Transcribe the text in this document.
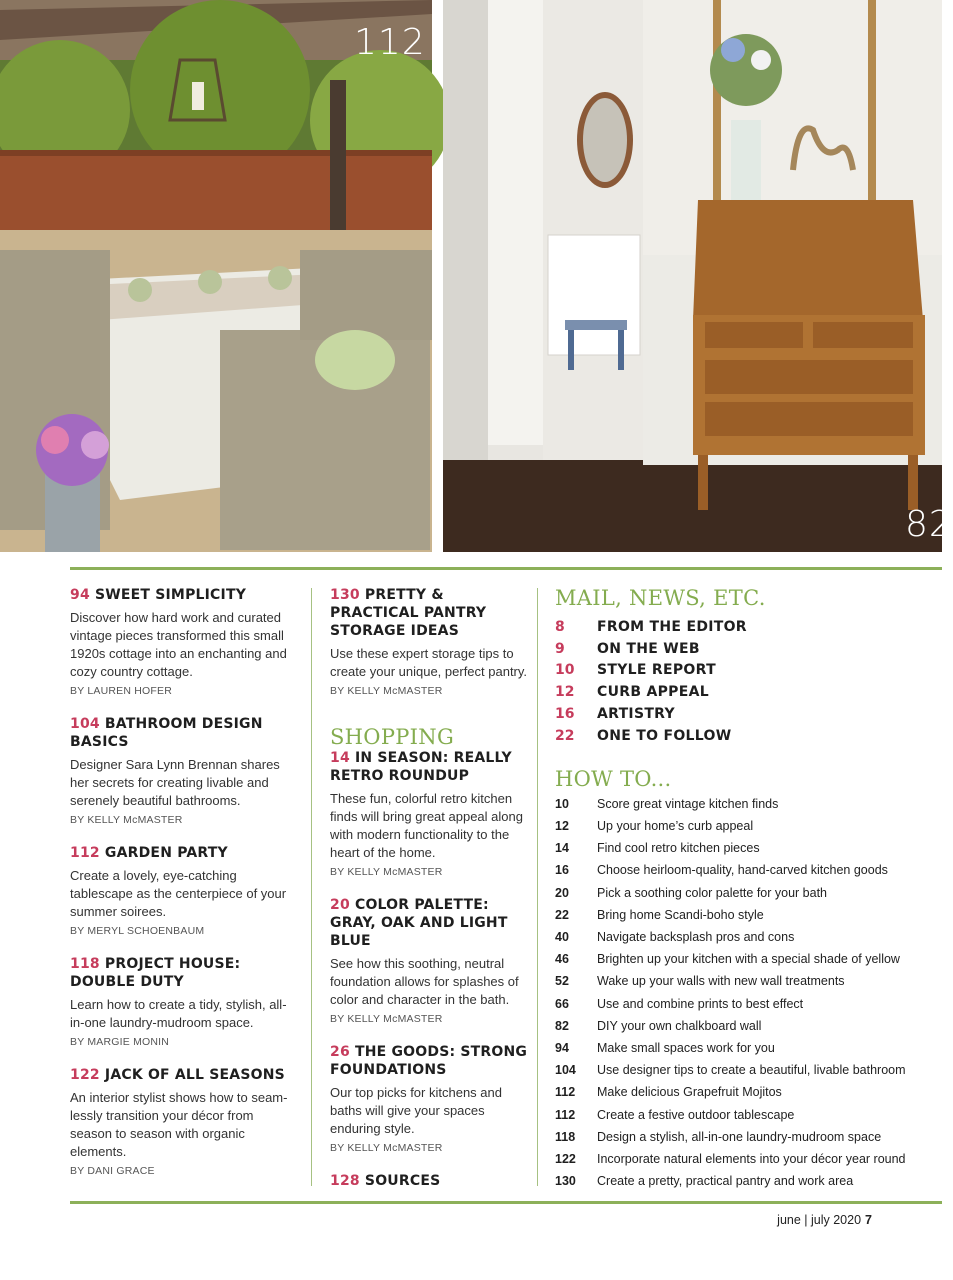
112
82
94 SWEET SIMPLICITY
Discover how hard work and curated vintage pieces transformed this small 1920s cottage into an enchanting and cozy country cottage.
BY LAUREN HOFER
104 BATHROOM DESIGN BASICS
Designer Sara Lynn Brennan shares her secrets for creating livable and serenely beautiful bathrooms.
BY KELLY McMASTER
112 GARDEN PARTY
Create a lovely, eye-catching tablescape as the centerpiece of your summer soirees.
BY MERYL SCHOENBAUM
118 PROJECT HOUSE: DOUBLE DUTY
Learn how to create a tidy, stylish, all-in-one laundry-mudroom space.
BY MARGIE MONIN
122 JACK OF ALL SEASONS
An interior stylist shows how to seam-lessly transition your décor from season to season with organic elements.
BY DANI GRACE
130 PRETTY & PRACTICAL PANTRY STORAGE IDEAS
Use these expert storage tips to create your unique, perfect pantry.
BY KELLY McMASTER
SHOPPING
14 IN SEASON: REALLY RETRO ROUNDUP
These fun, colorful retro kitchen finds will bring great appeal along with modern functionality to the heart of the home.
BY KELLY McMASTER
20 COLOR PALETTE: GRAY, OAK AND LIGHT BLUE
See how this soothing, neutral foundation allows for splashes of color and character in the bath.
BY KELLY McMASTER
26 THE GOODS: STRONG FOUNDATIONS
Our top picks for kitchens and baths will give your spaces enduring style.
BY KELLY McMASTER
128 SOURCES
MAIL, NEWS, ETC.
8	FROM THE EDITOR
9	ON THE WEB
10	STYLE REPORT
12	CURB APPEAL
16	ARTISTRY
22	ONE TO FOLLOW
HOW TO...
10	Score great vintage kitchen finds
12	Up your home’s curb appeal
14	Find cool retro kitchen pieces
16	Choose heirloom-quality, hand-carved kitchen goods
20	Pick a soothing color palette for your bath
22	Bring home Scandi-boho style
40	Navigate backsplash pros and cons
46	Brighten up your kitchen with a special shade of yellow
52	Wake up your walls with new wall treatments
66	Use and combine prints to best effect
82	DIY your own chalkboard wall
94	Make small spaces work for you
104	Use designer tips to create a beautiful, livable bathroom
112	Make delicious Grapefruit Mojitos
112	Create a festive outdoor tablescape
118	Design a stylish, all-in-one laundry-mudroom space
122	Incorporate natural elements into your décor year round
130	Create a pretty, practical pantry and work area
june | july 2020 7
